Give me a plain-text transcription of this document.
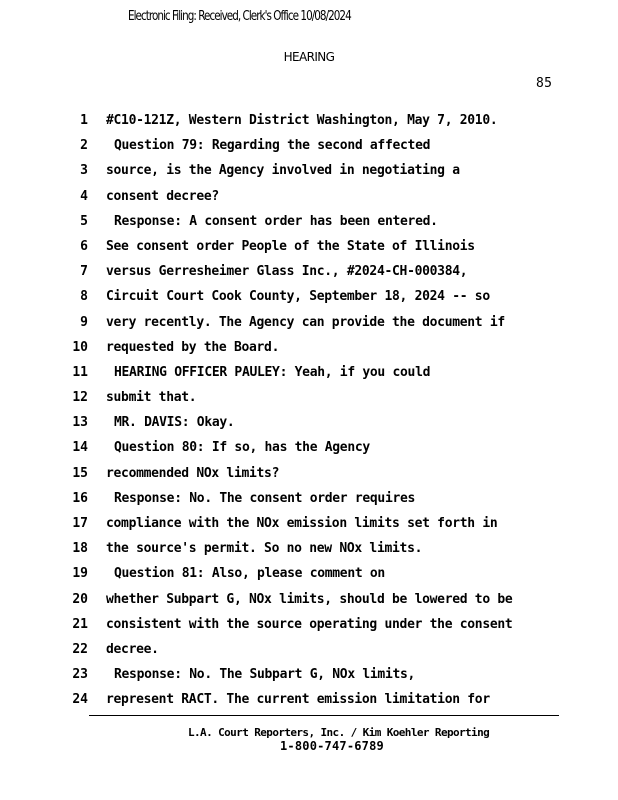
Electronic Filing: Received, Clerk's Office 10/08/2024
HEARING
85
1
2
3
4
5
6
7
8
9
10
11
12
13
14
15
16
17
18
19
20
21
22
23
24
#C10-121Z, Western District Washington, May 7, 2010.
Question 79: Regarding the second affected
source, is the Agency involved in negotiating a
consent decree?
Response: A consent order has been entered.
See consent order People of the State of Illinois
versus Gerresheimer Glass Inc., #2024-CH-000384,
Circuit Court Cook County, September 18, 2024 -- so
very recently. The Agency can provide the document if
requested by the Board.
HEARING OFFICER PAULEY: Yeah, if you could
submit that.
MR. DAVIS: Okay.
Question 80: If so, has the Agency
recommended NOx limits?
Response: No. The consent order requires
compliance with the NOx emission limits set forth in
the source's permit. So no new NOx limits.
Question 81: Also, please comment on
whether Subpart G, NOx limits, should be lowered to be
consistent with the source operating under the consent
decree.
Response: No. The Subpart G, NOx limits,
represent RACT. The current emission limitation for
L.A. Court Reporters, Inc. / Kim Koehler Reporting
1-800-747-6789
